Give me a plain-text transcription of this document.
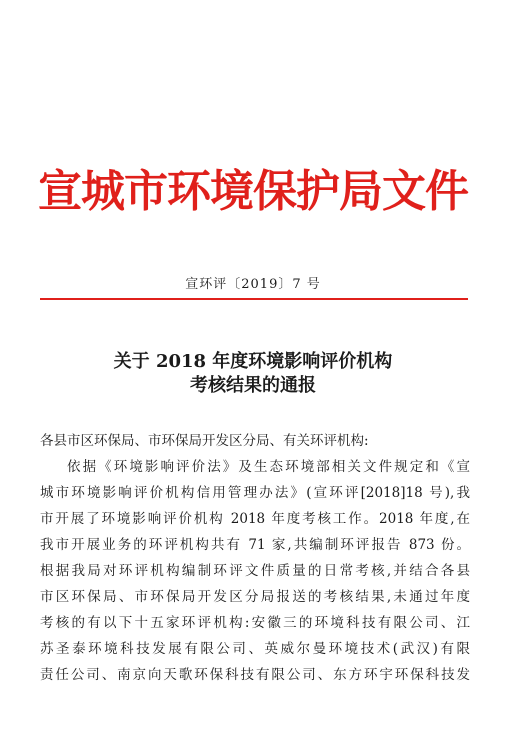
宣城市环境保护局文件
宣环评〔2019〕7 号
关于 2018 年度环境影响评价机构
考核结果的通报

各县市区环保局、市环保局开发区分局、有关环评机构:

依据《环境影响评价法》及生态环境部相关文件规定和《宣

城市环境影响评价机构信用管理办法》(宣环评[2018]18 号),我

市开展了环境影响评价机构 2018 年度考核工作。2018 年度,在

我市开展业务的环评机构共有 71 家,共编制环评报告 873 份。

根据我局对环评机构编制环评文件质量的日常考核,并结合各县

市区环保局、市环保局开发区分局报送的考核结果,未通过年度

考核的有以下十五家环评机构:安徽三的环境科技有限公司、江

苏圣泰环境科技发展有限公司、英威尔曼环境技术(武汉)有限

责任公司、南京向天歌环保科技有限公司、东方环宇环保科技发
